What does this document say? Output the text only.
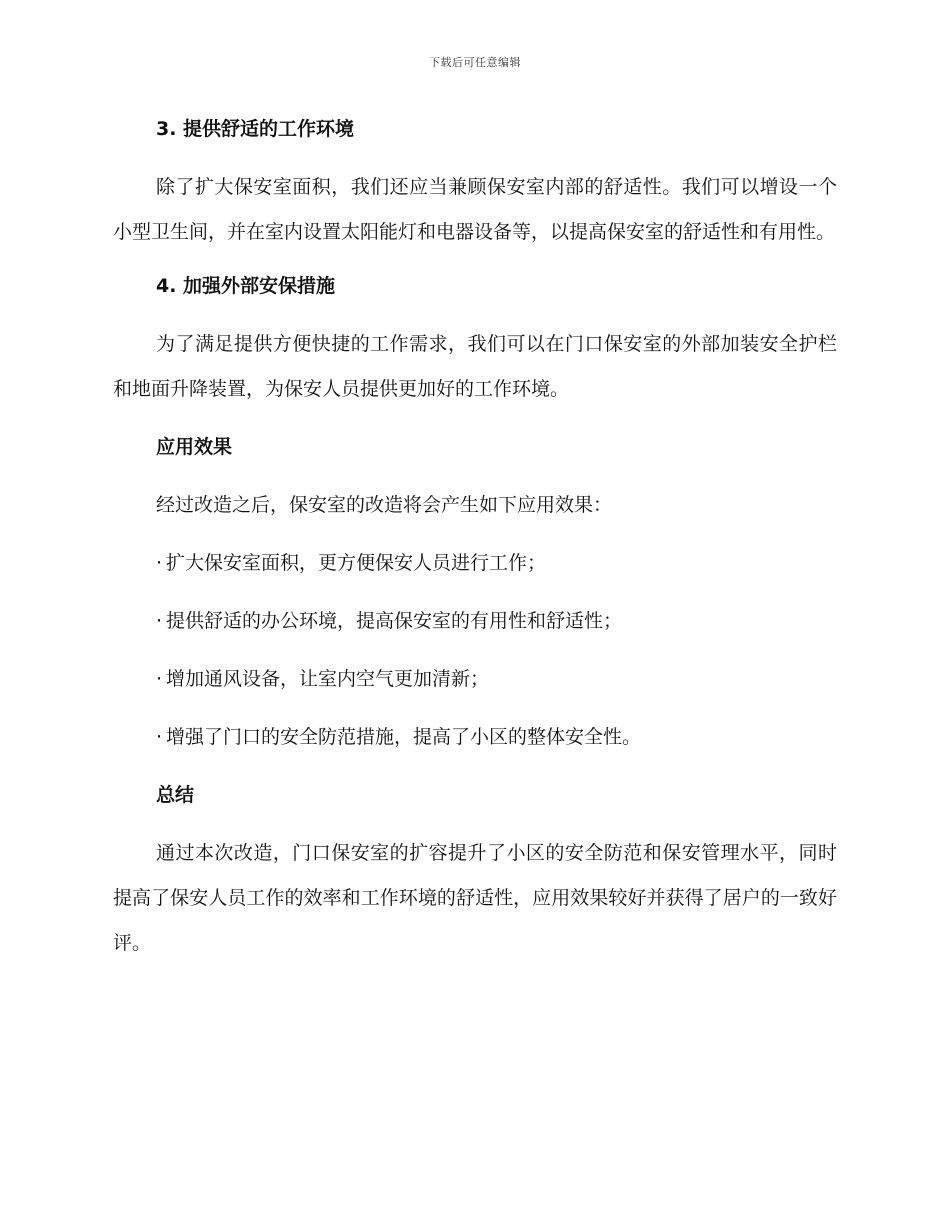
下载后可任意编辑
3. 提供舒适的工作环境

除了扩大保安室面积，我们还应当兼顾保安室内部的舒适性。我们可以增设一个小型卫生间，并在室内设置太阳能灯和电器设备等，以提高保安室的舒适性和有用性。

4. 加强外部安保措施

为了满足提供方便快捷的工作需求，我们可以在门口保安室的外部加装安全护栏和地面升降装置，为保安人员提供更加好的工作环境。

应用效果
经过改造之后，保安室的改造将会产生如下应用效果：
· 扩大保安室面积，更方便保安人员进行工作；
· 提供舒适的办公环境，提高保安室的有用性和舒适性；
· 增加通风设备，让室内空气更加清新；
· 增强了门口的安全防范措施，提高了小区的整体安全性。
总结

通过本次改造，门口保安室的扩容提升了小区的安全防范和保安管理水平，同时提高了保安人员工作的效率和工作环境的舒适性，应用效果较好并获得了居户的一致好评。
